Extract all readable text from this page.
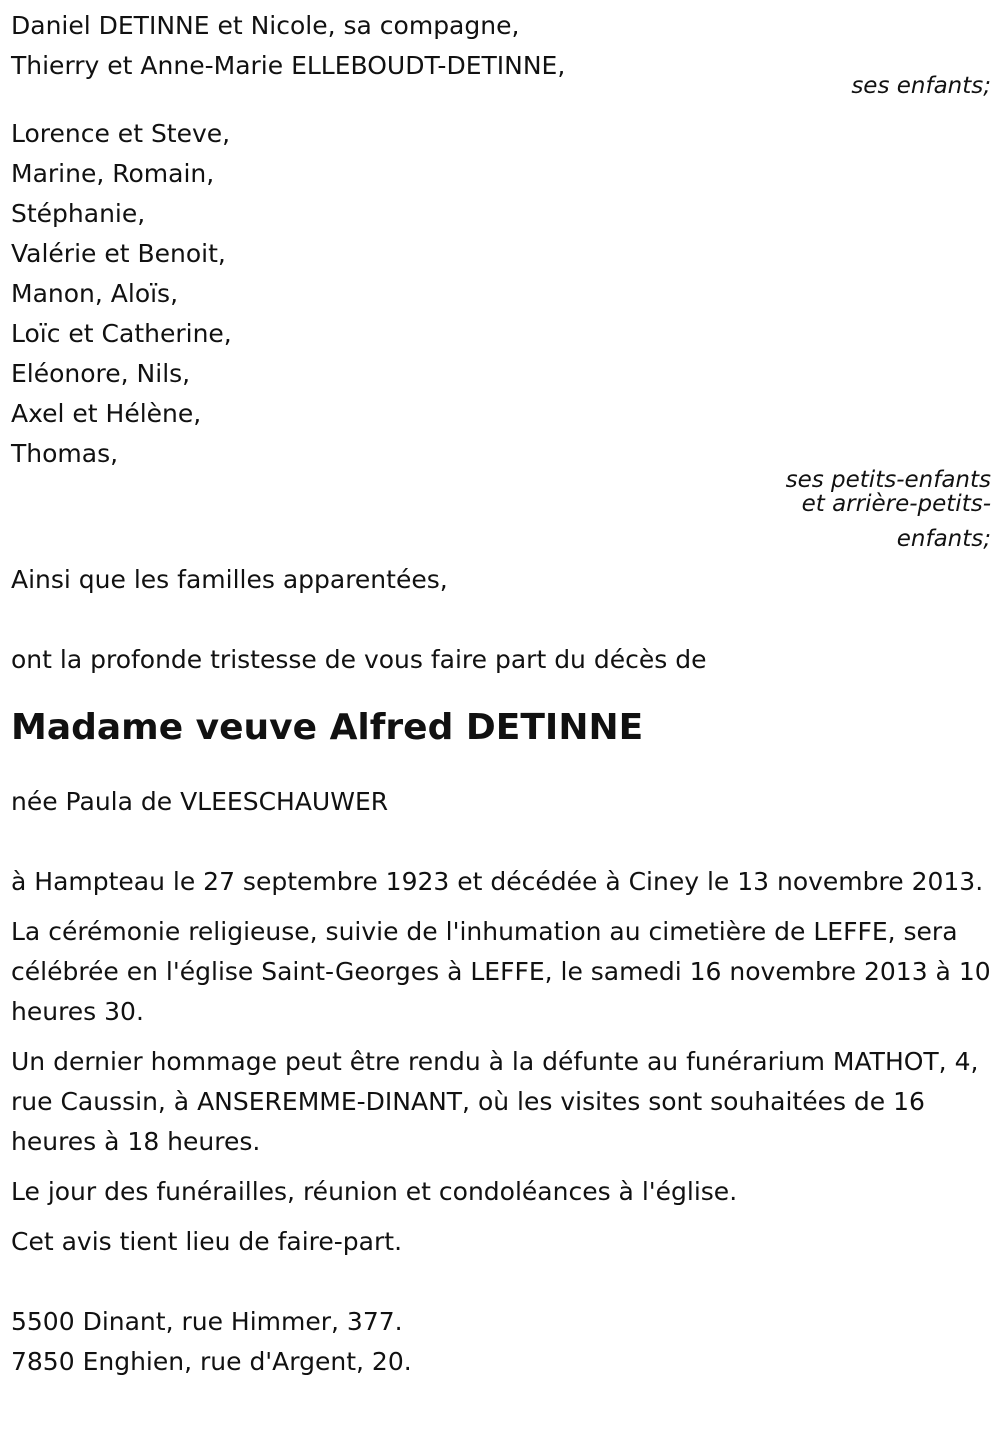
Daniel DETINNE et Nicole, sa compagne,

Thierry et Anne-Marie ELLEBOUDT-DETINNE,

ses enfants;

Lorence et Steve,

Marine, Romain,

Stéphanie,

Valérie et Benoit,

Manon, Aloïs,

Loïc et Catherine,

Eléonore, Nils,

Axel et Hélène,

Thomas,

ses petits-enfants

et arrière-petits-

enfants;

Ainsi que les familles apparentées,

ont la profonde tristesse de vous faire part du décès de

Madame veuve Alfred DETINNE

née Paula de VLEESCHAUWER

à Hampteau le 27 septembre 1923 et décédée à Ciney le 13 novembre 2013.

La cérémonie religieuse, suivie de l'inhumation au cimetière de LEFFE, sera célébrée en l'église Saint-Georges à LEFFE, le samedi 16 novembre 2013 à 10 heures 30.

Un dernier hommage peut être rendu à la défunte au funérarium MATHOT, 4, rue Caussin, à ANSEREMME-DINANT, où les visites sont souhaitées de 16 heures à 18 heures.

Le jour des funérailles, réunion et condoléances à l'église.

Cet avis tient lieu de faire-part.

5500 Dinant, rue Himmer, 377.

7850 Enghien, rue d'Argent, 20.
